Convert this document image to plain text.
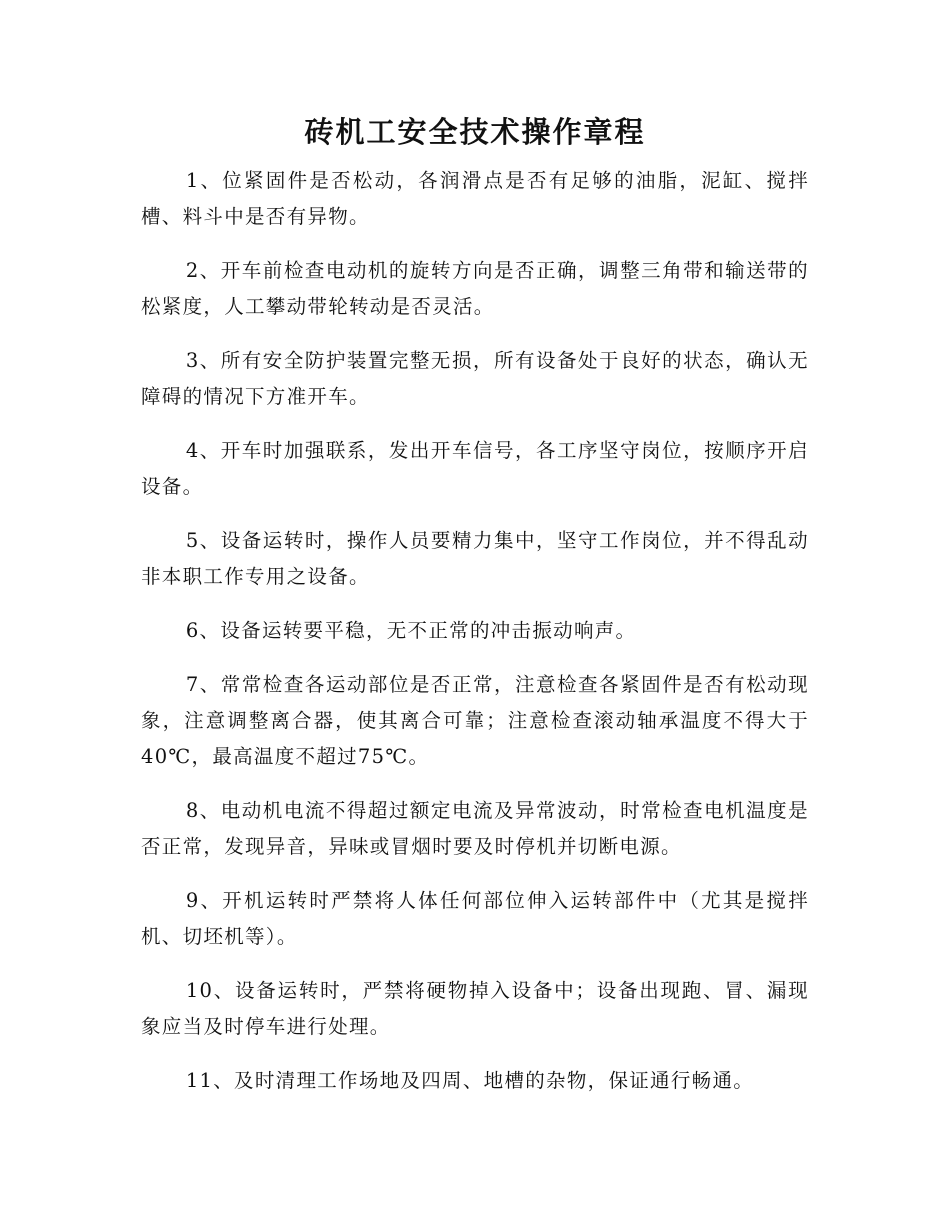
砖机工安全技术操作章程

1、位紧固件是否松动，各润滑点是否有足够的油脂，泥缸、搅拌槽、料斗中是否有异物。

2、开车前检查电动机的旋转方向是否正确，调整三角带和输送带的松紧度，人工攀动带轮转动是否灵活。

3、所有安全防护装置完整无损，所有设备处于良好的状态，确认无障碍的情况下方准开车。

4、开车时加强联系，发出开车信号，各工序坚守岗位，按顺序开启设备。

5、设备运转时，操作人员要精力集中，坚守工作岗位，并不得乱动非本职工作专用之设备。

6、设备运转要平稳，无不正常的冲击振动响声。

7、常常检查各运动部位是否正常，注意检查各紧固件是否有松动现象，注意调整离合器，使其离合可靠；注意检查滚动轴承温度不得大于40℃，最高温度不超过75℃。

8、电动机电流不得超过额定电流及异常波动，时常检查电机温度是否正常，发现异音，异味或冒烟时要及时停机并切断电源。

9、开机运转时严禁将人体任何部位伸入运转部件中（尤其是搅拌机、切坯机等）。

10、设备运转时，严禁将硬物掉入设备中；设备出现跑、冒、漏现象应当及时停车进行处理。

11、及时清理工作场地及四周、地槽的杂物，保证通行畅通。
